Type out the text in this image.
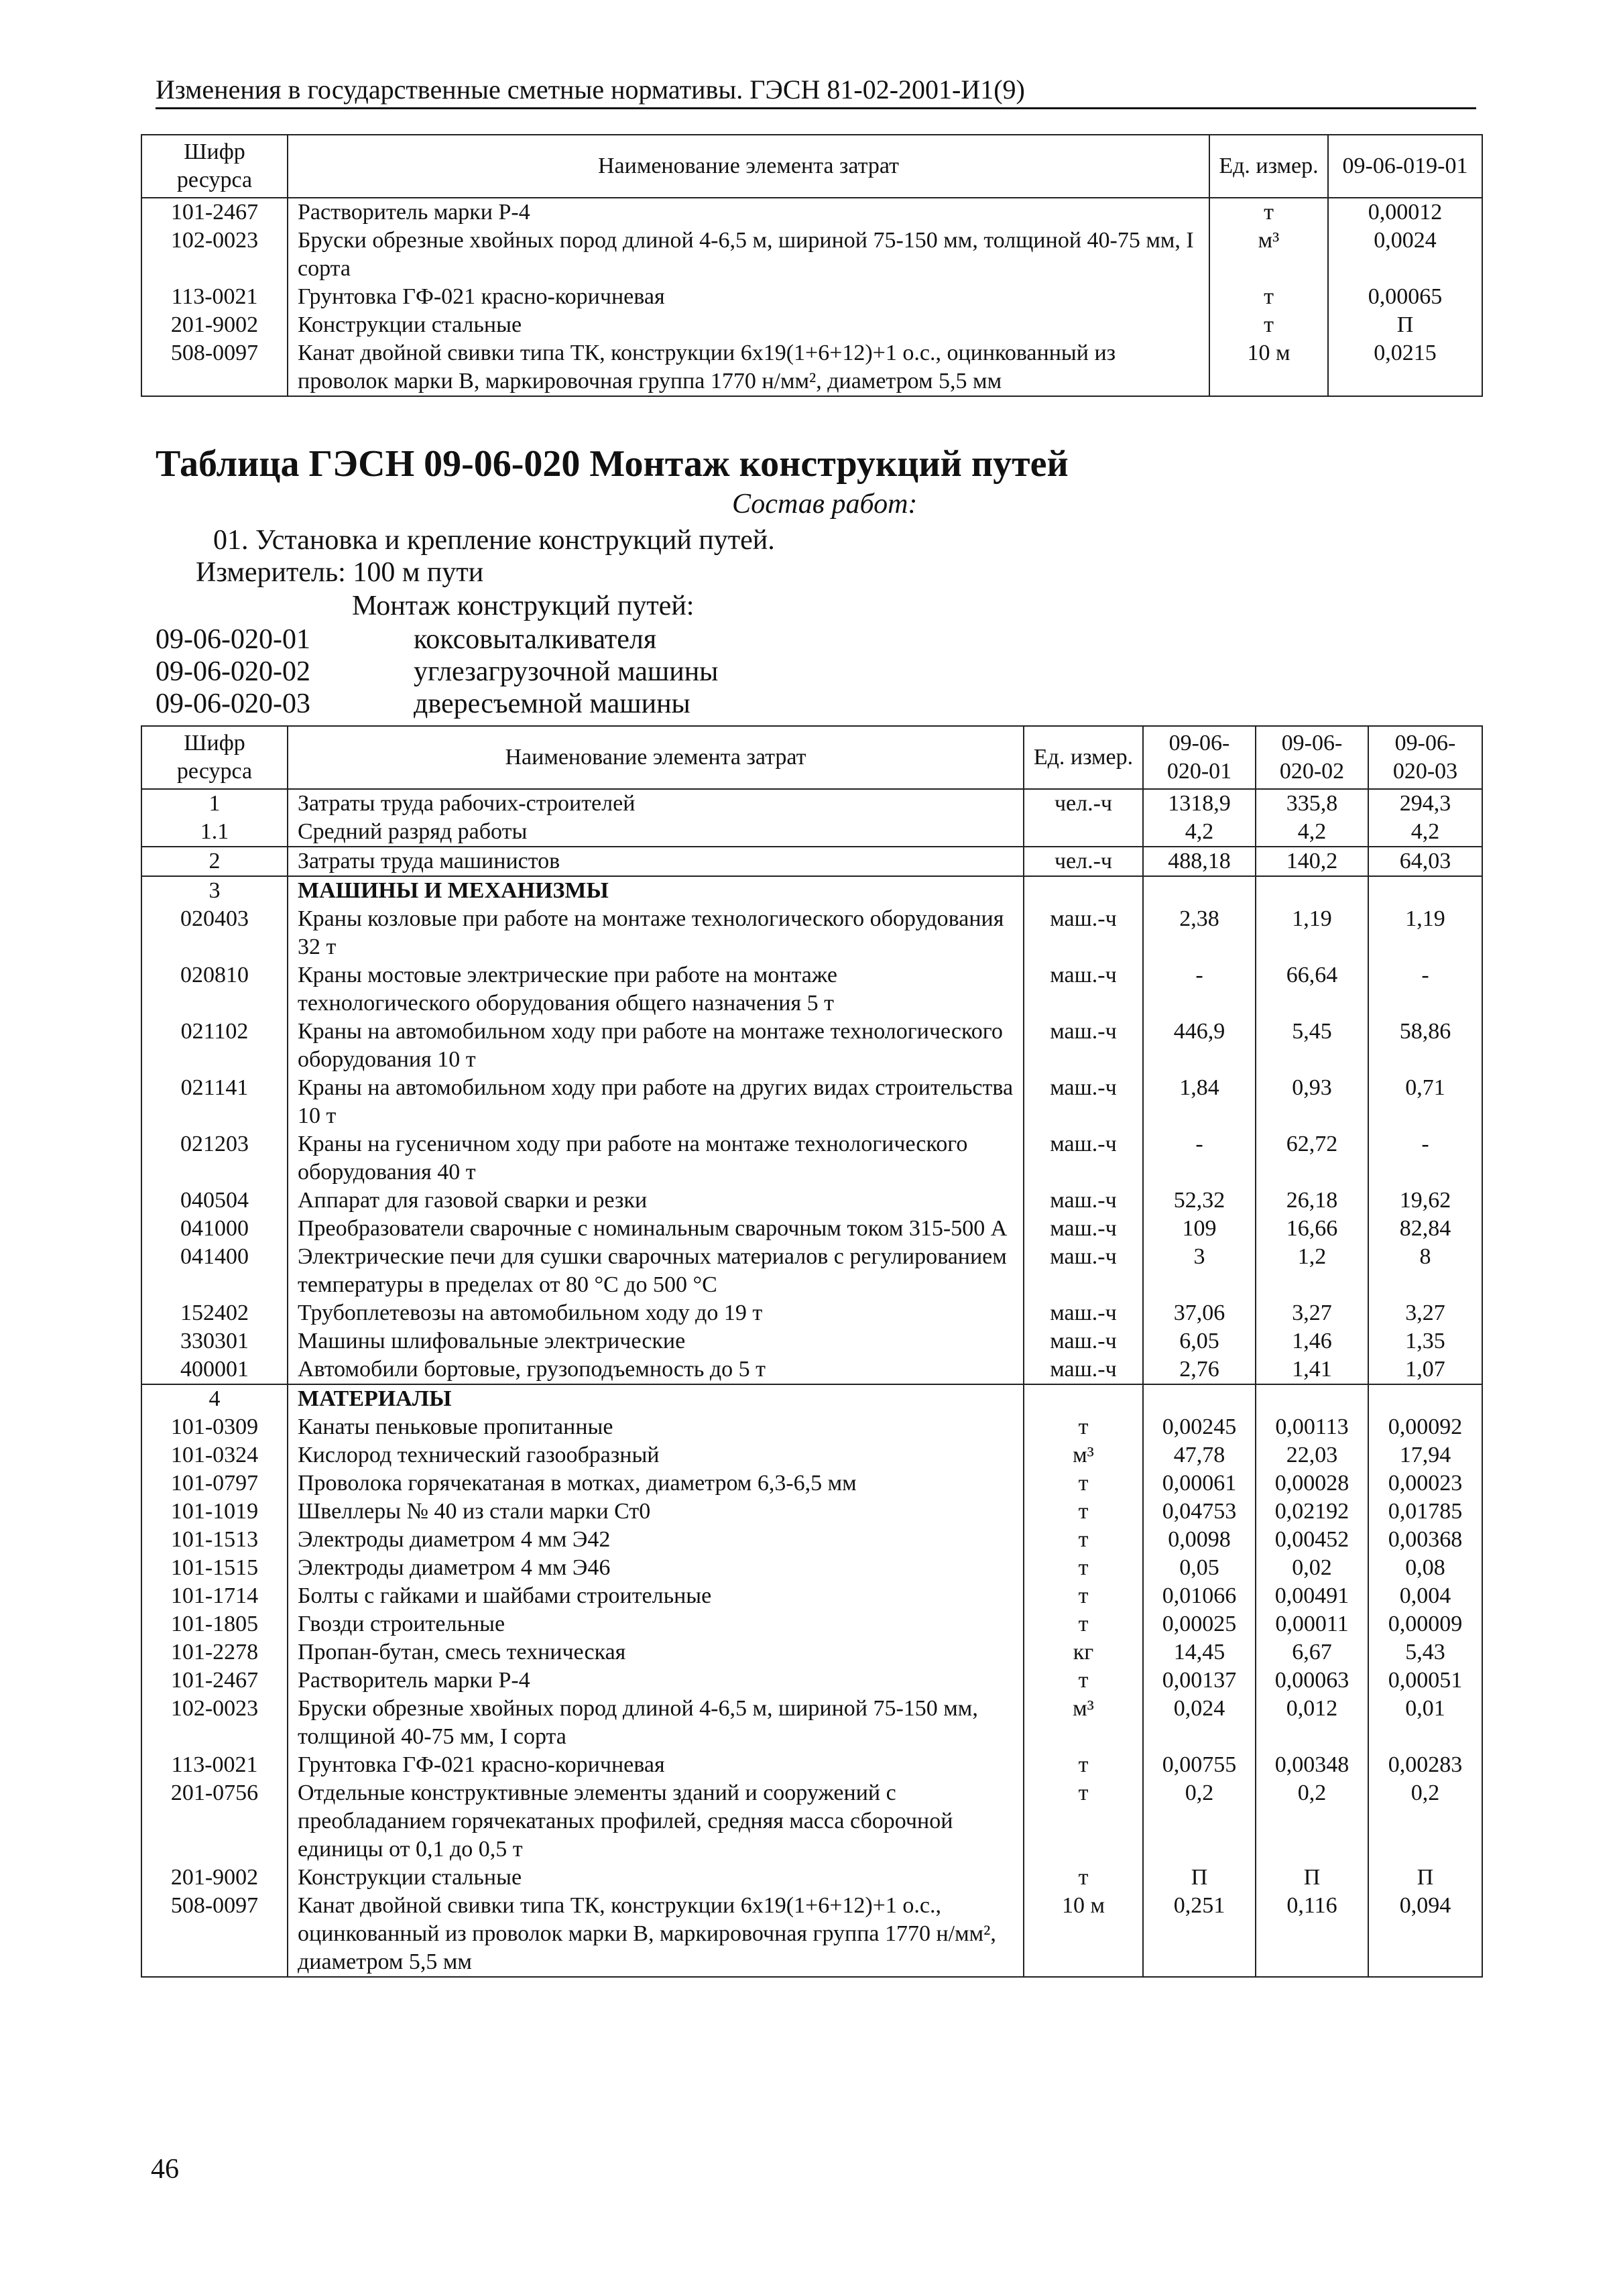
Изменения в государственные сметные нормативы. ГЭСН 81-02-2001-И1(9)
Шифр ресурса	Наименование элемента затрат	Ед. измер.	09-06-019-01
101-2467	Растворитель марки Р-4	т	0,00012
102-0023	Бруски обрезные хвойных пород длиной 4-6,5 м, шириной 75-150 мм, толщиной 40-75 мм, I сорта	м³	0,0024
113-0021	Грунтовка ГФ-021 красно-коричневая	т	0,00065
201-9002	Конструкции стальные	т	П
508-0097	Канат двойной свивки типа ТК, конструкции 6х19(1+6+12)+1 о.с., оцинкованный из проволок марки В, маркировочная группа 1770 н/мм², диаметром 5,5 мм	10 м	0,0215
Таблица ГЭСН 09-06-020 Монтаж конструкций путей
Состав работ:
01. Установка и крепление конструкций путей.
Измеритель: 100 м пути
Монтаж конструкций путей:
09-06-020-01	коксовыталкивателя
09-06-020-02	углезагрузочной машины
09-06-020-03	двересъемной машины
Шифр ресурса	Наименование элемента затрат	Ед. измер.	09-06-020-01	09-06-020-02	09-06-020-03
1	Затраты труда рабочих-строителей	чел.-ч	1318,9	335,8	294,3
1.1	Средний разряд работы		4,2	4,2	4,2
2	Затраты труда машинистов	чел.-ч	488,18	140,2	64,03
3	МАШИНЫ И МЕХАНИЗМЫ				
020403	Краны козловые при работе на монтаже технологического оборудования 32 т	маш.-ч	2,38	1,19	1,19
020810	Краны мостовые электрические при работе на монтаже технологического оборудования общего назначения 5 т	маш.-ч	-	66,64	-
021102	Краны на автомобильном ходу при работе на монтаже технологического оборудования 10 т	маш.-ч	446,9	5,45	58,86
021141	Краны на автомобильном ходу при работе на других видах строительства 10 т	маш.-ч	1,84	0,93	0,71
021203	Краны на гусеничном ходу при работе на монтаже технологического оборудования 40 т	маш.-ч	-	62,72	-
040504	Аппарат для газовой сварки и резки	маш.-ч	52,32	26,18	19,62
041000	Преобразователи сварочные с номинальным сварочным током 315-500 А	маш.-ч	109	16,66	82,84
041400	Электрические печи для сушки сварочных материалов с регулированием температуры в пределах от 80 °С до 500 °С	маш.-ч	3	1,2	8
152402	Трубоплетевозы на автомобильном ходу до 19 т	маш.-ч	37,06	3,27	3,27
330301	Машины шлифовальные электрические	маш.-ч	6,05	1,46	1,35
400001	Автомобили бортовые, грузоподъемность до 5 т	маш.-ч	2,76	1,41	1,07
4	МАТЕРИАЛЫ				
101-0309	Канаты пеньковые пропитанные	т	0,00245	0,00113	0,00092
101-0324	Кислород технический газообразный	м³	47,78	22,03	17,94
101-0797	Проволока горячекатаная в мотках, диаметром 6,3-6,5 мм	т	0,00061	0,00028	0,00023
101-1019	Швеллеры № 40 из стали марки Ст0	т	0,04753	0,02192	0,01785
101-1513	Электроды диаметром 4 мм Э42	т	0,0098	0,00452	0,00368
101-1515	Электроды диаметром 4 мм Э46	т	0,05	0,02	0,08
101-1714	Болты с гайками и шайбами строительные	т	0,01066	0,00491	0,004
101-1805	Гвозди строительные	т	0,00025	0,00011	0,00009
101-2278	Пропан-бутан, смесь техническая	кг	14,45	6,67	5,43
101-2467	Растворитель марки Р-4	т	0,00137	0,00063	0,00051
102-0023	Бруски обрезные хвойных пород длиной 4-6,5 м, шириной 75-150 мм, толщиной 40-75 мм, I сорта	м³	0,024	0,012	0,01
113-0021	Грунтовка ГФ-021 красно-коричневая	т	0,00755	0,00348	0,00283
201-0756	Отдельные конструктивные элементы зданий и сооружений с преобладанием горячекатаных профилей, средняя масса сборочной единицы от 0,1 до 0,5 т	т	0,2	0,2	0,2
201-9002	Конструкции стальные	т	П	П	П
508-0097	Канат двойной свивки типа ТК, конструкции 6х19(1+6+12)+1 о.с., оцинкованный из проволок марки В, маркировочная группа 1770 н/мм², диаметром 5,5 мм	10 м	0,251	0,116	0,094
46
